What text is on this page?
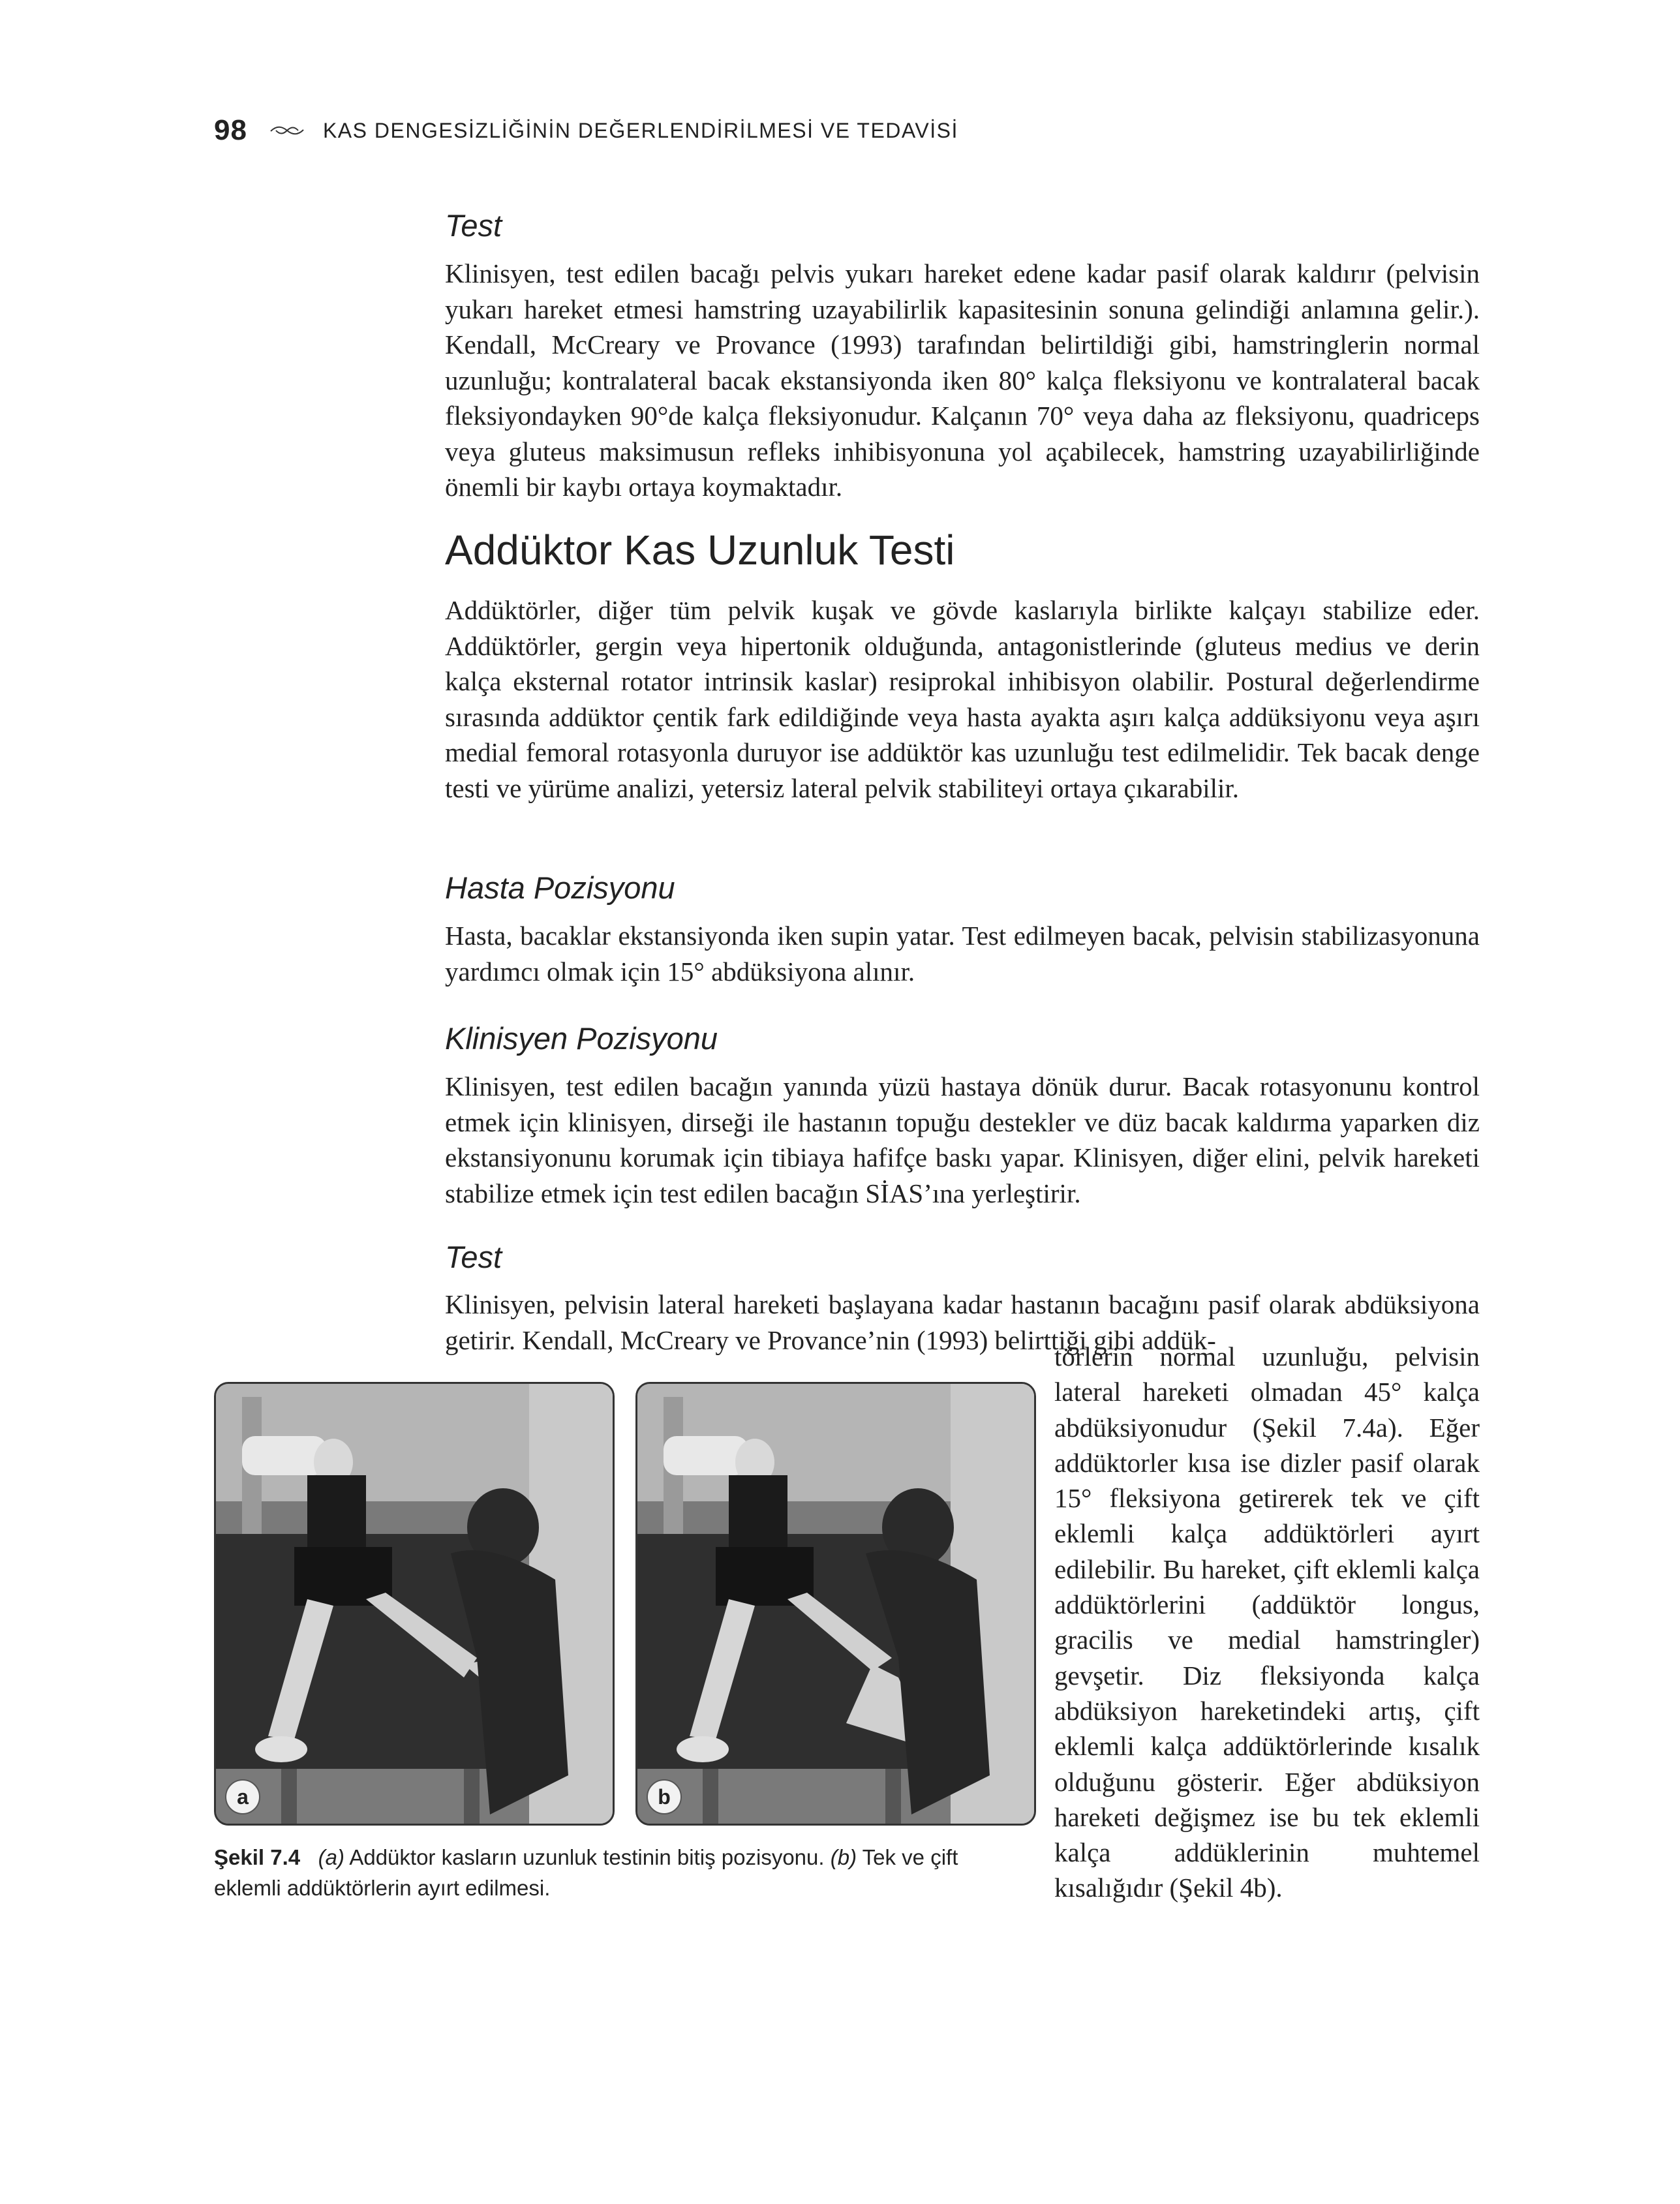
98	KAS DENGESİZLİĞİNİN DEĞERLENDİRİLMESİ VE TEDAVİSİ
Test

Klinisyen, test edilen bacağı pelvis yukarı hareket edene kadar pasif olarak kaldırır (pelvisin yukarı hareket etmesi hamstring uzayabilirlik kapasitesinin sonuna gelindiği anlamına gelir.). Kendall, McCreary ve Provance (1993) tarafından belirtildiği gibi, hamstringlerin normal uzunluğu; kontralateral bacak ekstansiyonda iken 80° kalça fleksiyonu ve kontralateral bacak fleksiyondayken 90°de kalça fleksiyonudur. Kalçanın 70° veya daha az fleksiyonu, quadriceps veya gluteus maksimusun refleks inhibisyonuna yol açabilecek, hamstring uzayabilirliğinde önemli bir kaybı ortaya koymaktadır.

Addüktor Kas Uzunluk Testi

Addüktörler, diğer tüm pelvik kuşak ve gövde kaslarıyla birlikte kalçayı stabilize eder. Addüktörler, gergin veya hipertonik olduğunda, antagonistlerinde (gluteus medius ve derin kalça eksternal rotator intrinsik kaslar) resiprokal inhibisyon olabilir. Postural değerlendirme sırasında addüktor çentik fark edildiğinde veya hasta ayakta aşırı kalça addüksiyonu veya aşırı medial femoral rotasyonla duruyor ise addüktör kas uzunluğu test edilmelidir. Tek bacak denge testi ve yürüme analizi, yetersiz lateral pelvik stabiliteyi ortaya çıkarabilir.

Hasta Pozisyonu

Hasta, bacaklar ekstansiyonda iken supin yatar. Test edilmeyen bacak, pelvisin stabilizasyonuna yardımcı olmak için 15° abdüksiyona alınır.

Klinisyen Pozisyonu

Klinisyen, test edilen bacağın yanında yüzü hastaya dönük durur. Bacak rotasyonunu kontrol etmek için klinisyen, dirseği ile hastanın topuğu destekler ve düz bacak kaldırma yaparken diz ekstansiyonunu korumak için tibiaya hafifçe baskı yapar. Klinisyen, diğer elini, pelvik hareketi stabilize etmek için test edilen bacağın SİAS’ına yerleştirir.

Test

Klinisyen, pelvisin lateral hareketi başlayana kadar hastanın bacağını pasif olarak abdüksiyona getirir. Kendall, McCreary ve Provance’nin (1993) belirttiği gibi addük-

törlerin normal uzunluğu, pelvisin lateral hareketi olmadan 45° kalça abdüksiyonudur (Şekil 7.4a). Eğer addüktorler kısa ise dizler pasif olarak 15° fleksiyona getirerek tek ve çift eklemli kalça addüktörleri ayırt edilebilir. Bu hareket, çift eklemli kalça addüktörlerini (addüktör longus, gracilis ve medial hamstringler) gevşetir. Diz fleksiyonda kalça abdüksiyon hareketindeki artış, çift eklemli kalça addüktörlerinde kısalık olduğunu gösterir. Eğer abdüksiyon hareketi değişmez ise bu tek eklemli kalça addüklerinin muhtemel kısalığıdır (Şekil 4b).

a	b
Şekil 7.4 (a) Addüktor kasların uzunluk testinin bitiş pozisyonu. (b) Tek ve çift eklemli addüktörlerin ayırt edilmesi.
